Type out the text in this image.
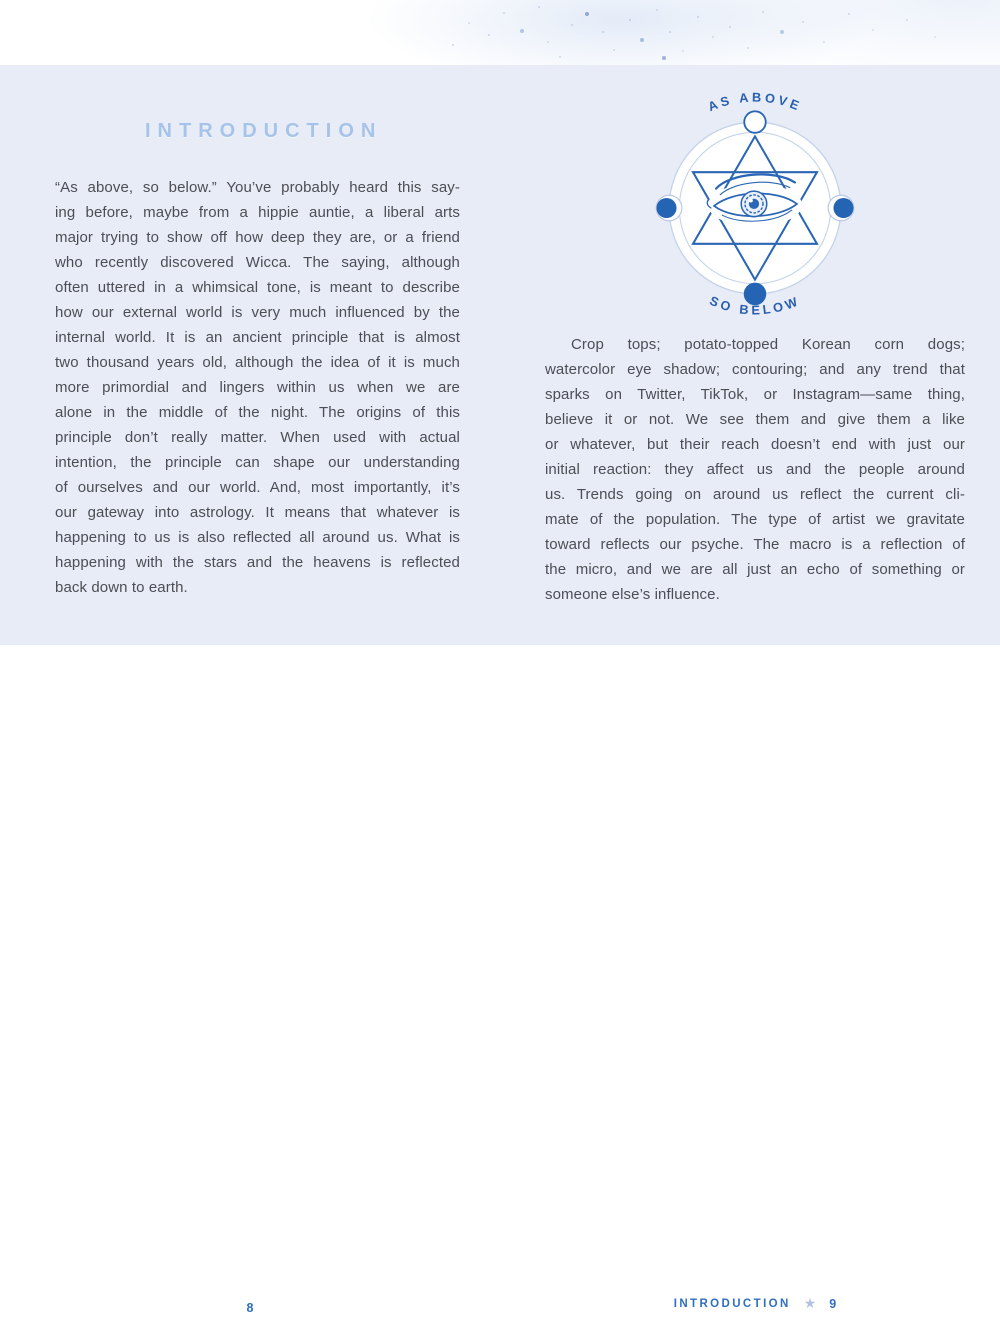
INTRODUCTION
“As above, so below.” You’ve probably heard this say-
ing before, maybe from a hippie auntie, a liberal arts
major trying to show off how deep they are, or a friend
who recently discovered Wicca. The saying, although
often uttered in a whimsical tone, is meant to describe
how our external world is very much influenced by the
internal world. It is an ancient principle that is almost
two thousand years old, although the idea of it is much
more primordial and lingers within us when we are
alone in the middle of the night. The origins of this
principle don’t really matter. When used with actual
intention, the principle can shape our understanding
of ourselves and our world. And, most importantly, it’s
our gateway into astrology. It means that whatever is
happening to us is also reflected all around us. What is
happening with the stars and the heavens is reflected
back down to earth.
AS ABOVE
SO BELOW
Crop tops; potato-topped Korean corn dogs;
watercolor eye shadow; contouring; and any trend that
sparks on Twitter, TikTok, or Instagram—same thing,
believe it or not. We see them and give them a like
or whatever, but their reach doesn’t end with just our
initial reaction: they affect us and the people around
us. Trends going on around us reflect the current cli-
mate of the population. The type of artist we gravitate
toward reflects our psyche. The macro is a reflection of
the micro, and we are all just an echo of something or
someone else’s influence.
8	INTRODUCTION ★ 9
